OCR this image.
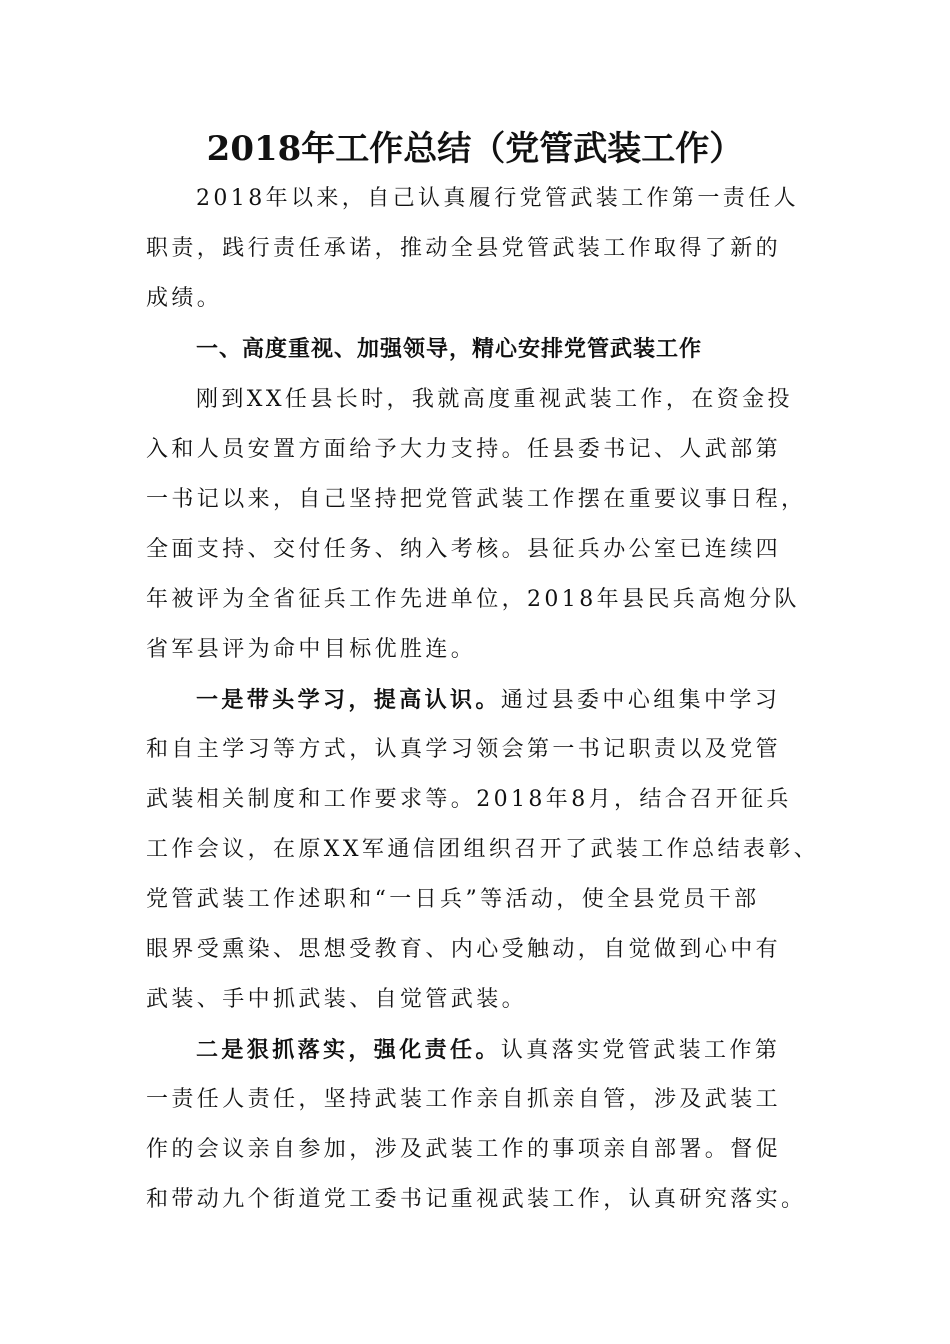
2018年工作总结（党管武装工作）

2018年以来，自己认真履行党管武装工作第一责任人

职责，践行责任承诺，推动全县党管武装工作取得了新的

成绩。

一、高度重视、加强领导，精心安排党管武装工作

刚到XX任县长时，我就高度重视武装工作，在资金投

入和人员安置方面给予大力支持。任县委书记、人武部第

一书记以来，自己坚持把党管武装工作摆在重要议事日程，

全面支持、交付任务、纳入考核。县征兵办公室已连续四

年被评为全省征兵工作先进单位，2018年县民兵高炮分队

省军县评为命中目标优胜连。

一是带头学习，提高认识。通过县委中心组集中学习

和自主学习等方式，认真学习领会第一书记职责以及党管

武装相关制度和工作要求等。2018年8月，结合召开征兵

工作会议，在原XX军通信团组织召开了武装工作总结表彰、

党管武装工作述职和“一日兵”等活动，使全县党员干部

眼界受熏染、思想受教育、内心受触动，自觉做到心中有

武装、手中抓武装、自觉管武装。

二是狠抓落实，强化责任。认真落实党管武装工作第

一责任人责任，坚持武装工作亲自抓亲自管，涉及武装工

作的会议亲自参加，涉及武装工作的事项亲自部署。督促

和带动九个街道党工委书记重视武装工作，认真研究落实。
